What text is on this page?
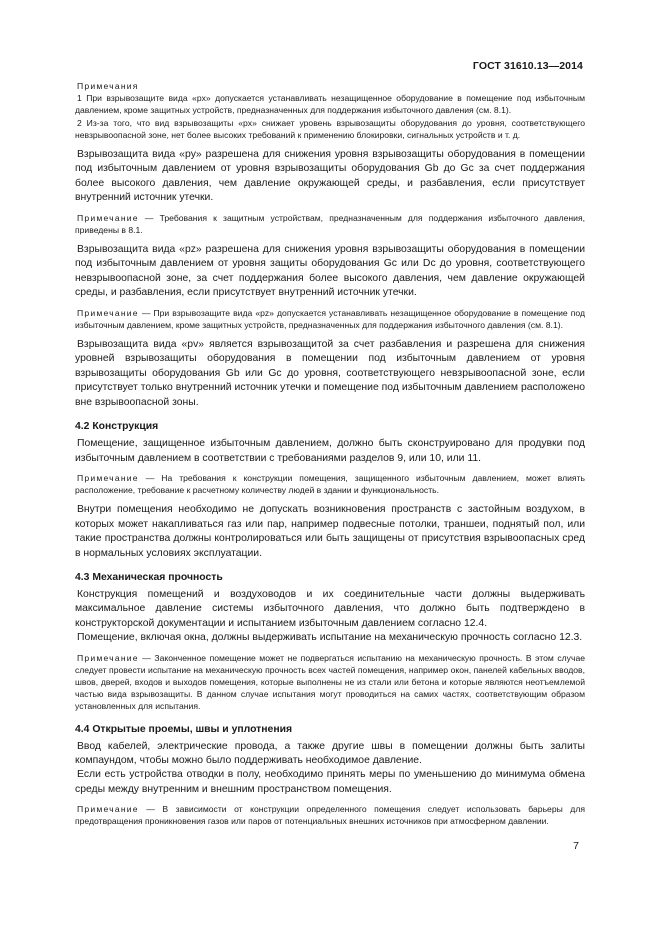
ГОСТ 31610.13—2014

Примечания

1 При взрывозащите вида «px» допускается устанавливать незащищенное оборудование в помещение под избыточным давлением, кроме защитных устройств, предназначенных для поддержания избыточного давления (см. 8.1).

2 Из-за того, что вид взрывозащиты «px» снижает уровень взрывозащиты оборудования до уровня, соответствующего невзрывоопасной зоне, нет более высоких требований к применению блокировки, сигнальных устройств и т. д.

Взрывозащита вида «py» разрешена для снижения уровня взрывозащиты оборудования в помещении под избыточным давлением от уровня взрывозащиты оборудования Gb до Gc за счет поддержания более высокого давления, чем давление окружающей среды, и разбавления, если присутствует внутренний источник утечки.

Примечание — Требования к защитным устройствам, предназначенным для поддержания избыточного давления, приведены в 8.1.

Взрывозащита вида «pz» разрешена для снижения уровня взрывозащиты оборудования в помещении под избыточным давлением от уровня защиты оборудования Gc или Dc до уровня, соответствующего невзрывоопасной зоне, за счет поддержания более высокого давления, чем давление окружающей среды, и разбавления, если присутствует внутренний источник утечки.

Примечание — При взрывозащите вида «pz» допускается устанавливать незащищенное оборудование в помещение под избыточным давлением, кроме защитных устройств, предназначенных для поддержания избыточного давления (см. 8.1).

Взрывозащита вида «pv» является взрывозащитой за счет разбавления и разрешена для снижения уровней взрывозащиты оборудования в помещении под избыточным давлением от уровня взрывозащиты оборудования Gb или Gc до уровня, соответствующего невзрывоопасной зоне, если присутствует только внутренний источник утечки и помещение под избыточным давлением расположено вне взрывоопасной зоны.

4.2 Конструкция

Помещение, защищенное избыточным давлением, должно быть сконструировано для продувки под избыточным давлением в соответствии с требованиями разделов 9, или 10, или 11.

Примечание — На требования к конструкции помещения, защищенного избыточным давлением, может влиять расположение, требование к расчетному количеству людей в здании и функциональность.

Внутри помещения необходимо не допускать возникновения пространств с застойным воздухом, в которых может накапливаться газ или пар, например подвесные потолки, траншеи, поднятый пол, или такие пространства должны контролироваться или быть защищены от присутствия взрывоопасных сред в нормальных условиях эксплуатации.

4.3 Механическая прочность

Конструкция помещений и воздуховодов и их соединительные части должны выдерживать максимальное давление системы избыточного давления, что должно быть подтверждено в конструкторской документации и испытанием избыточным давлением согласно 12.4.

Помещение, включая окна, должны выдерживать испытание на механическую прочность согласно 12.3.

Примечание — Законченное помещение может не подвергаться испытанию на механическую прочность. В этом случае следует провести испытание на механическую прочность всех частей помещения, например окон, панелей кабельных вводов, швов, дверей, входов и выходов помещения, которые выполнены не из стали или бетона и которые являются неотъемлемой частью вида взрывозащиты. В данном случае испытания могут проводиться на самих частях, соответствующим образом установленных для испытания.

4.4 Открытые проемы, швы и уплотнения

Ввод кабелей, электрические провода, а также другие швы в помещении должны быть залиты компаундом, чтобы можно было поддерживать необходимое давление.

Если есть устройства отводки в полу, необходимо принять меры по уменьшению до минимума обмена среды между внутренним и внешним пространством помещения.

Примечание — В зависимости от конструкции определенного помещения следует использовать барьеры для предотвращения проникновения газов или паров от потенциальных внешних источников при атмосферном давлении.

7
